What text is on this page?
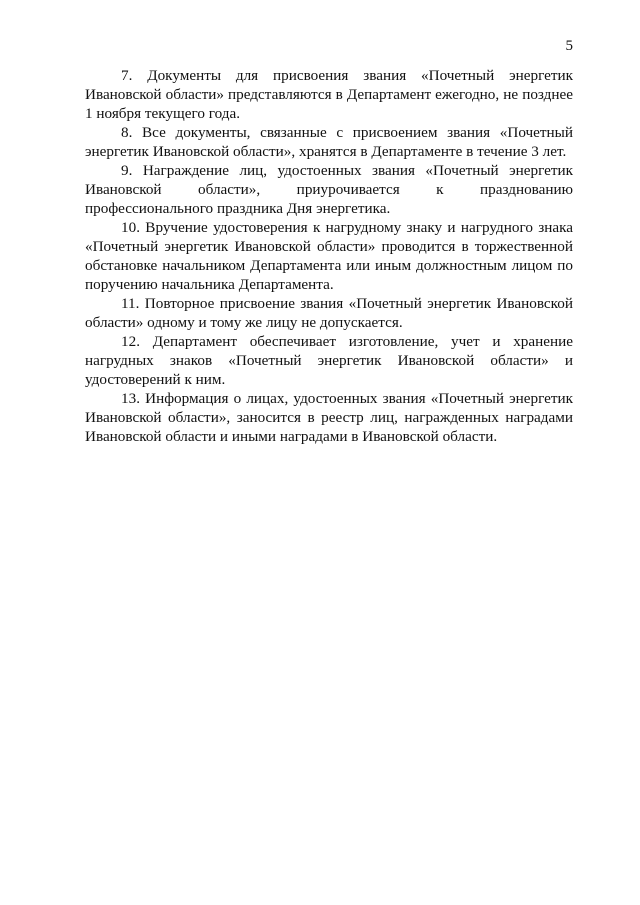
5

7. Документы для присвоения звания «Почетный энергетик Ивановской области» представляются в Департамент ежегодно, не позднее 1 ноября текущего года.

8. Все документы, связанные с присвоением звания «Почетный энергетик Ивановской области», хранятся в Департаменте в течение 3 лет.

9. Награждение лиц, удостоенных звания «Почетный энергетик Ивановской области», приурочивается к празднованию профессионального праздника Дня энергетика.

10. Вручение удостоверения к нагрудному знаку и нагрудного знака «Почетный энергетик Ивановской области» проводится в торжественной обстановке начальником Департамента или иным должностным лицом по поручению начальника Департамента.

11. Повторное присвоение звания «Почетный энергетик Ивановской области» одному и тому же лицу не допускается.

12. Департамент обеспечивает изготовление, учет и хранение нагрудных знаков «Почетный энергетик Ивановской области» и удостоверений к ним.

13. Информация о лицах, удостоенных звания «Почетный энергетик Ивановской области», заносится в реестр лиц, награжденных наградами Ивановской области и иными наградами в Ивановской области.
